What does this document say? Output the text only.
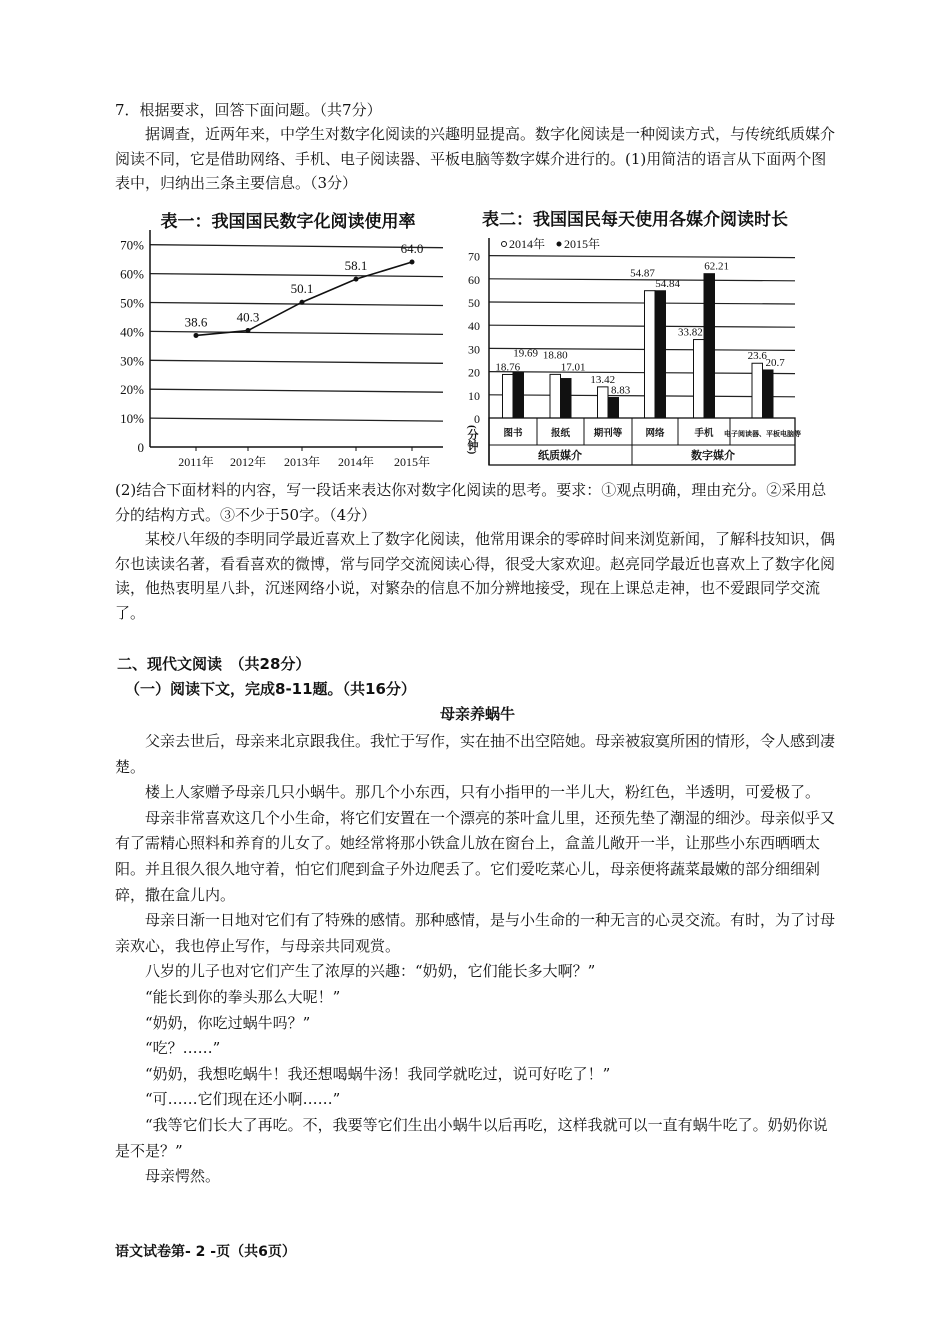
7．根据要求，回答下面问题。（共7分）
据调查，近两年来，中学生对数字化阅读的兴趣明显提高。数字化阅读是一种阅读方式，与传统纸质媒介阅读不同，它是借助网络、手机、电子阅读器、平板电脑等数字媒介进行的。(1)用简洁的语言从下面两个图表中，归纳出三条主要信息。（3分）
表一：我国国民数字化阅读使用率
0
10%
20%
30%
40%
50%
60%
70%
38.6
2011年
40.3
2012年
50.1
2013年
58.1
2014年
64.0
2015年
表二：我国国民每天使用各媒介阅读时长
2014年 2015年
0
10
20
30
40
50
60
70
18.76
19.69
图书
18.80
17.01
报纸
13.42
8.83
期刊等
54.87
54.84
网络
33.82
62.21
手机
23.6
20.7
电子阅读器、平板电脑等
纸质媒介	数字媒介
(分钟)
(2)结合下面材料的内容，写一段话来表达你对数字化阅读的思考。要求：①观点明确，理由充分。②采用总分的结构方式。③不少于50字。（4分）
某校八年级的李明同学最近喜欢上了数字化阅读，他常用课余的零碎时间来浏览新闻，了解科技知识，偶尔也读读名著，看看喜欢的微博，常与同学交流阅读心得，很受大家欢迎。赵亮同学最近也喜欢上了数字化阅读，他热衷明星八卦，沉迷网络小说，对繁杂的信息不加分辨地接受，现在上课总走神，也不爱跟同学交流了。
二、现代文阅读　（共28分）
（一）阅读下文，完成8-11题。（共16分）
母亲养蜗牛
父亲去世后，母亲来北京跟我住。我忙于写作，实在抽不出空陪她。母亲被寂寞所困的情形，令人感到凄楚。
楼上人家赠予母亲几只小蜗牛。那几个小东西，只有小指甲的一半儿大，粉红色，半透明，可爱极了。
母亲非常喜欢这几个小生命，将它们安置在一个漂亮的茶叶盒儿里，还预先垫了潮湿的细沙。母亲似乎又有了需精心照料和养育的儿女了。她经常将那小铁盒儿放在窗台上，盒盖儿敞开一半，让那些小东西晒晒太阳。并且很久很久地守着，怕它们爬到盒子外边爬丢了。它们爱吃菜心儿，母亲便将蔬菜最嫩的部分细细剁碎，撒在盒儿内。
母亲日渐一日地对它们有了特殊的感情。那种感情，是与小生命的一种无言的心灵交流。有时，为了讨母亲欢心，我也停止写作，与母亲共同观赏。
八岁的儿子也对它们产生了浓厚的兴趣：“奶奶，它们能长多大啊？”
“能长到你的拳头那么大呢！”
“奶奶，你吃过蜗牛吗？”
“吃？……”
“奶奶，我想吃蜗牛！我还想喝蜗牛汤！我同学就吃过，说可好吃了！”
“可……它们现在还小啊……”
“我等它们长大了再吃。不，我要等它们生出小蜗牛以后再吃，这样我就可以一直有蜗牛吃了。奶奶你说是不是？”
母亲愕然。
语文试卷第- 2 -页（共6页）
